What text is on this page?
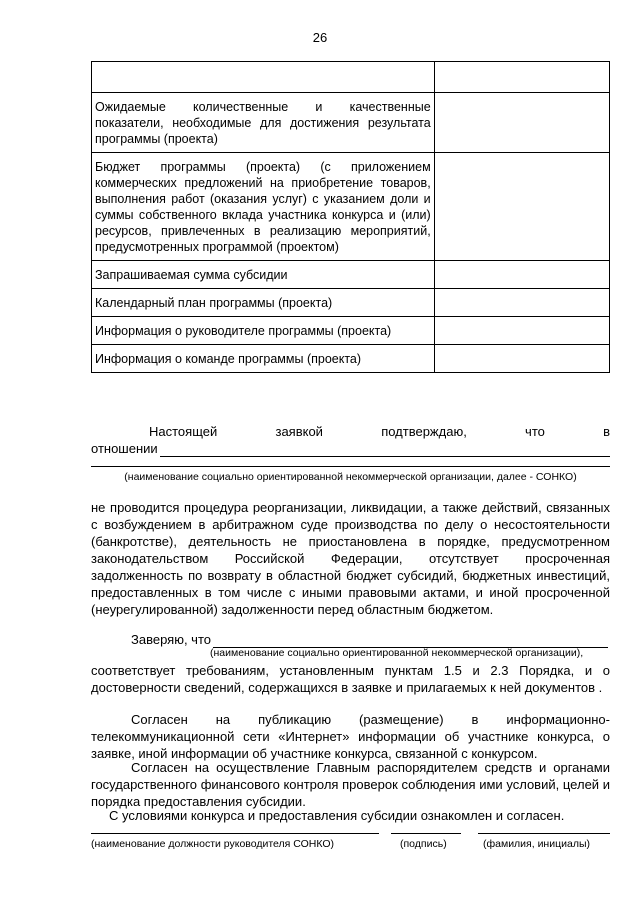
26

Ожидаемые количественные и качественные показатели, необходимые для достижения результата программы (проекта)	
Бюджет программы (проекта) (с приложением коммерческих предложений на приобретение товаров, выполнения работ (оказания услуг) с указанием доли и суммы собственного вклада участника конкурса и (или) ресурсов, привлеченных в реализацию мероприятий, предусмотренных программой (проектом)	
Запрашиваемая сумма субсидии	
Календарный план программы (проекта)	
Информация о руководителе программы (проекта)	
Информация о команде программы (проекта)	
Настоящей	заявкой	подтверждаю,	что	в
отношении
(наименование социально ориентированной некоммерческой организации, далее - СОНКО)
не проводится процедура реорганизации, ликвидации, а также действий, связанных с возбуждением в арбитражном суде производства по делу о несостоятельности (банкротстве), деятельность не приостановлена в порядке, предусмотренном законодательством Российской Федерации, отсутствует просроченная задолженность по возврату в областной бюджет субсидий, бюджетных инвестиций, предоставленных в том числе с иными правовыми актами, и иной просроченной (неурегулированной) задолженности перед областным бюджетом.
Заверяю, что
(наименование социально ориентированной некоммерческой организации),
соответствует требованиям, установленным пунктам 1.5 и 2.3 Порядка, и о достоверности сведений, содержащихся в заявке и прилагаемых к ней документов .
Согласен на публикацию (размещение) в информационно-телекоммуникационной сети «Интернет» информации об участнике конкурса, о заявке, иной информации об участнике конкурса, связанной с конкурсом.
Согласен на осуществление Главным распорядителем средств и органами государственного финансового контроля проверок соблюдения ими условий, целей и порядка предоставления субсидии.
С условиями конкурса и предоставления субсидии ознакомлен и согласен.
(наименование должности руководителя СОНКО)	(подпись)	(фамилия, инициалы)
